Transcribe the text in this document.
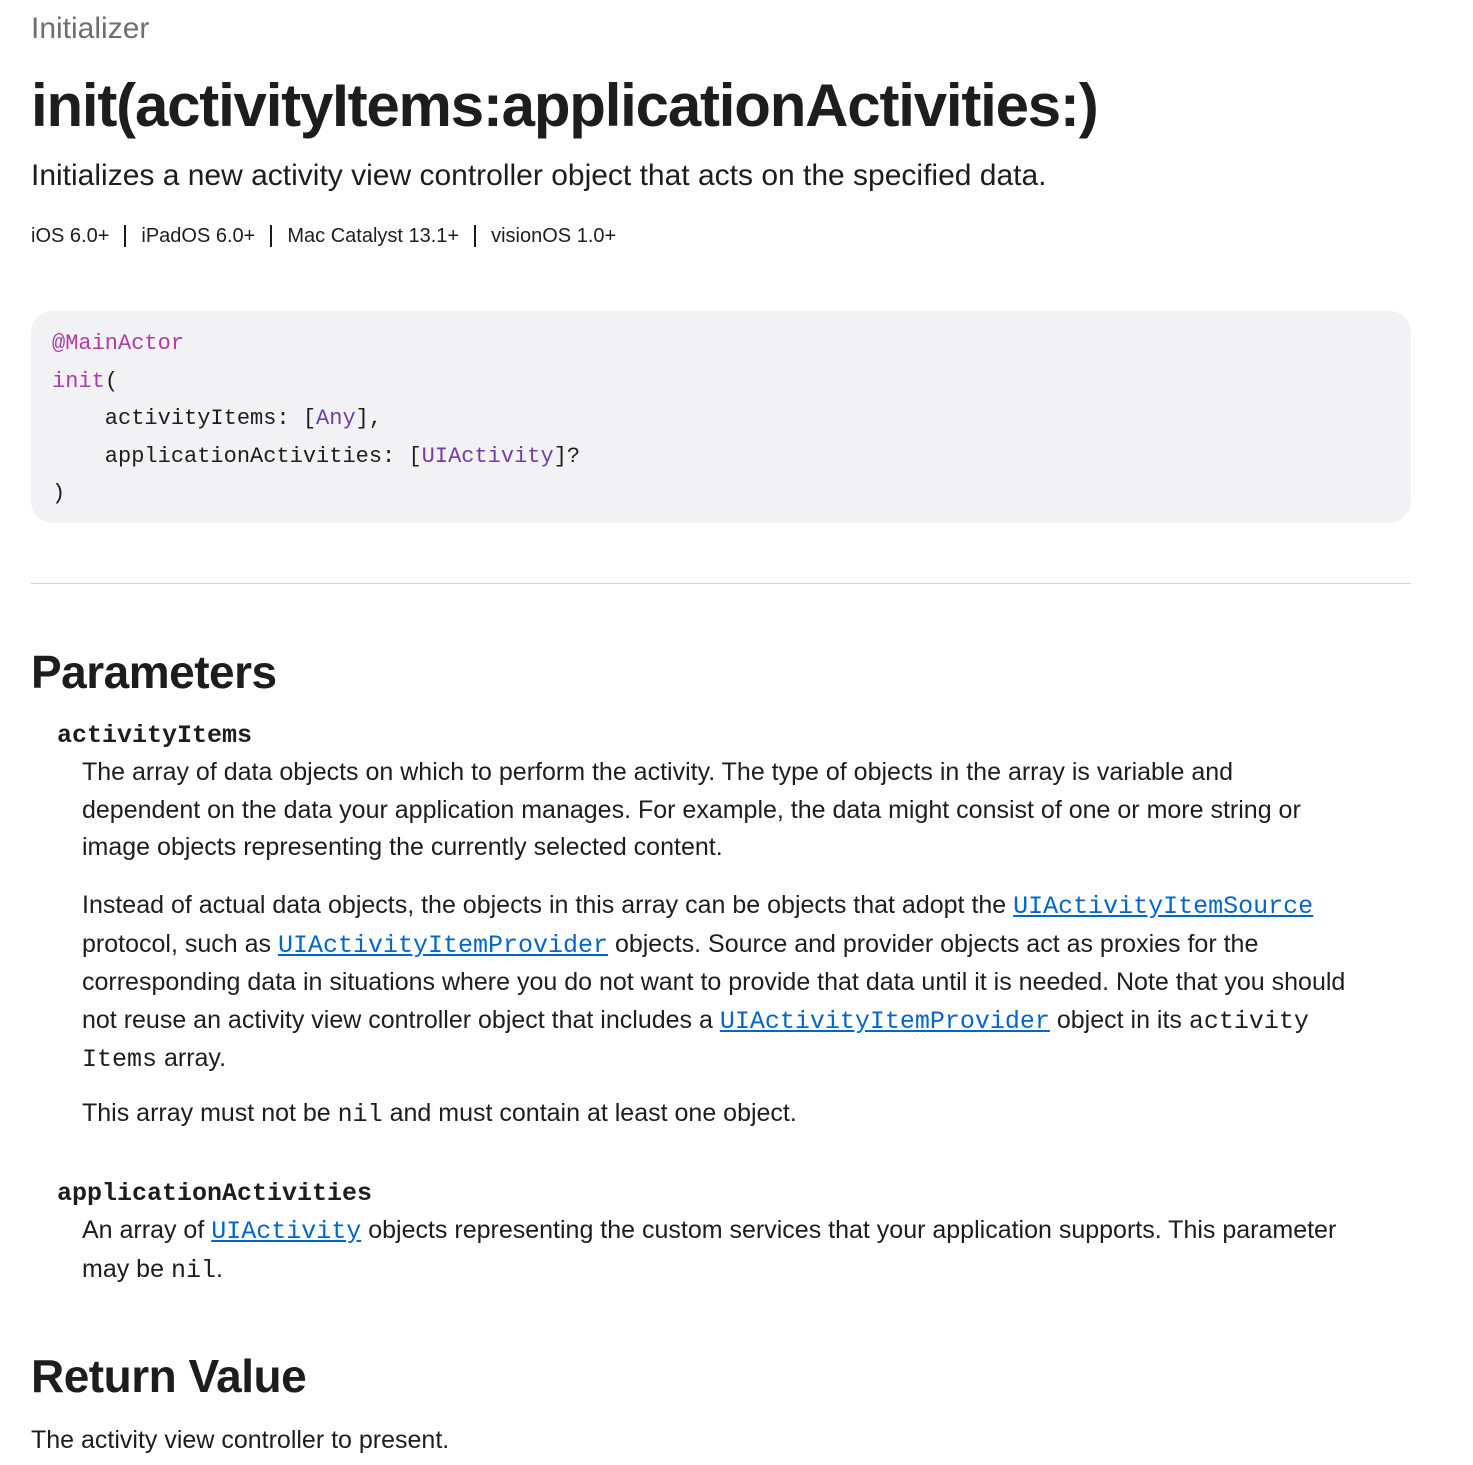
Initializer
init(activityItems:applicationActivities:)
Initializes a new activity view controller object that acts on the specified data.
iOS 6.0+ iPadOS 6.0+ Mac Catalyst 13.1+ visionOS 1.0+
@MainActor
init(
activityItems: [Any],
applicationActivities: [UIActivity]?
)
Parameters
activityItems

The array of data objects on which to perform the activity. The type of objects in the array is variable and
dependent on the data your application manages. For example, the data might consist of one or more string or
image objects representing the currently selected content.

Instead of actual data objects, the objects in this array can be objects that adopt the UIActivityItemSource
protocol, such as UIActivityItemProvider objects. Source and provider objects act as proxies for the
corresponding data in situations where you do not want to provide that data until it is needed. Note that you should
not reuse an activity view controller object that includes a UIActivityItemProvider object in its activity
Items array.

This array must not be nil and must contain at least one object.

applicationActivities

An array of UIActivity objects representing the custom services that your application supports. This parameter
may be nil.

Return Value
The activity view controller to present.
